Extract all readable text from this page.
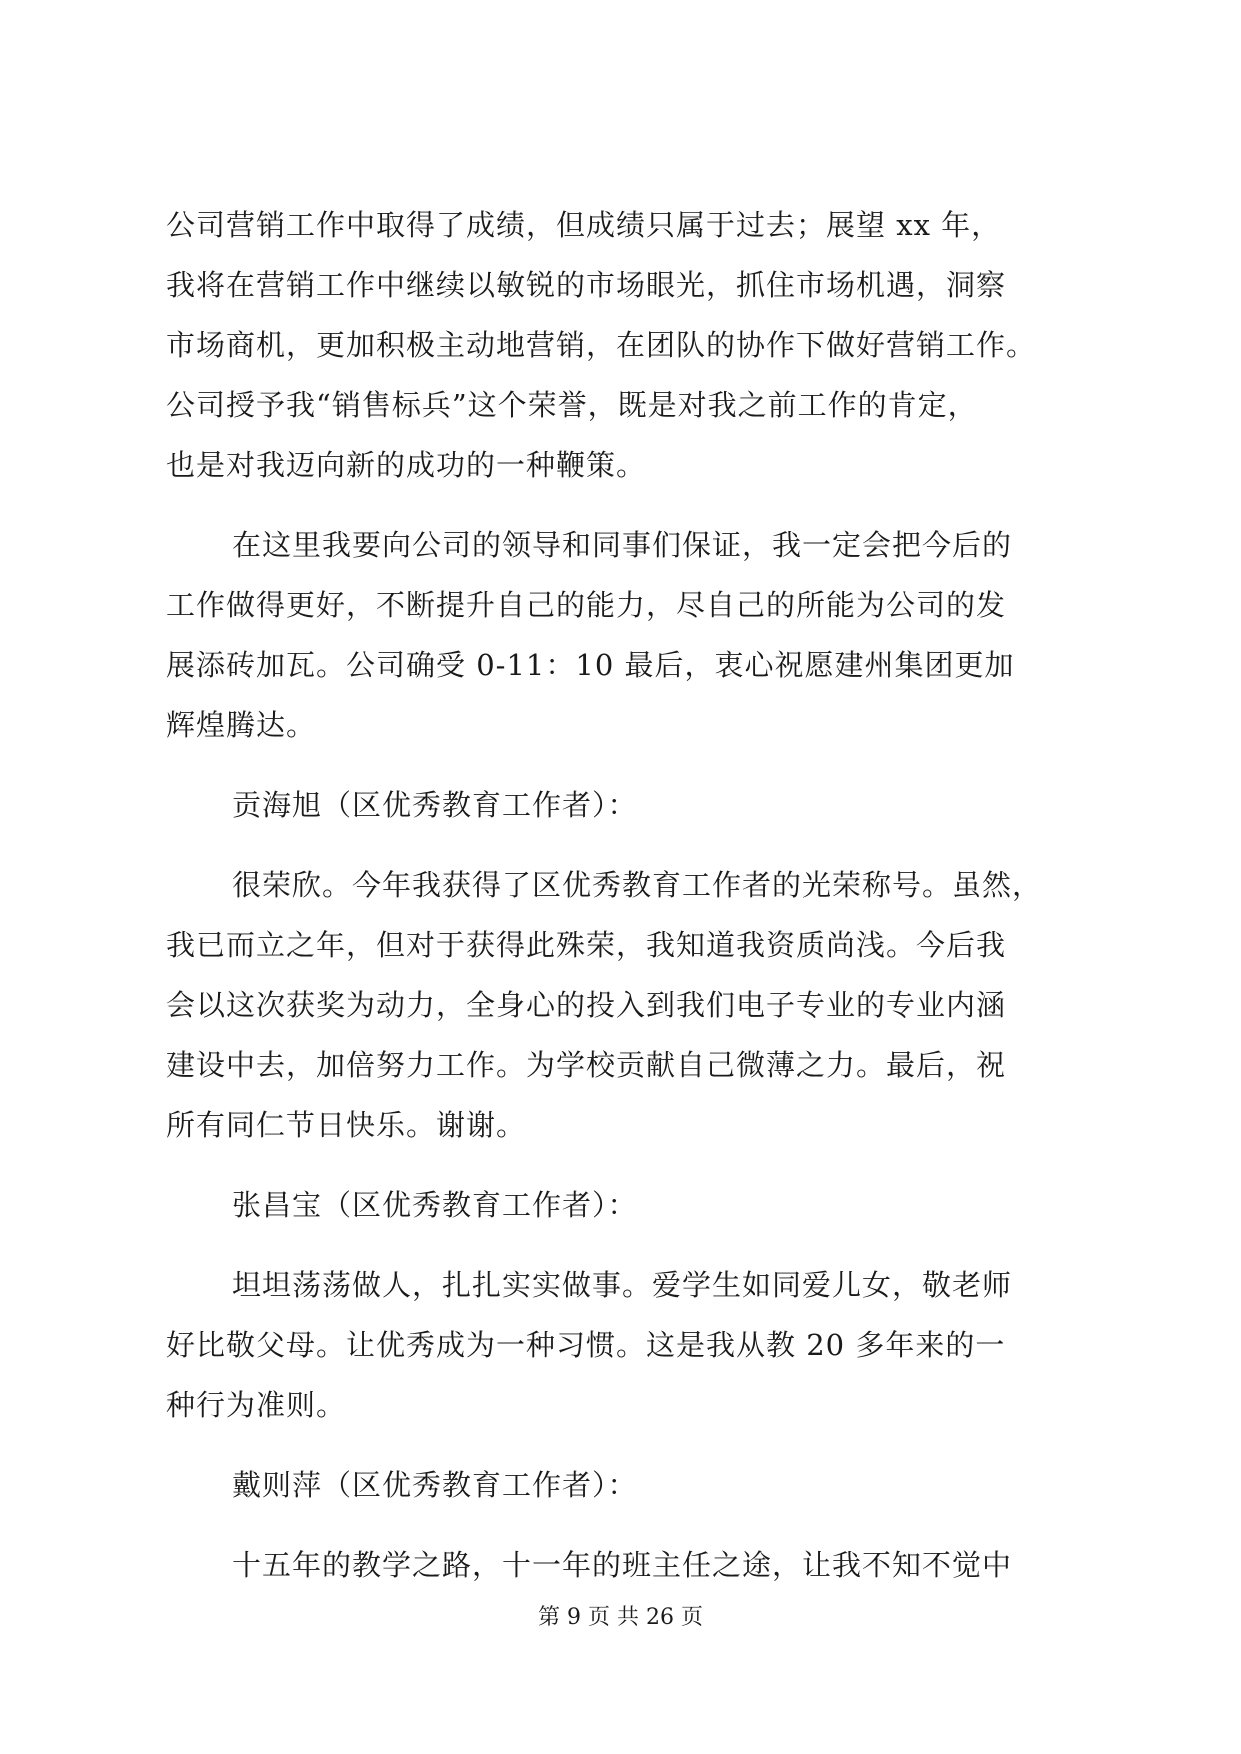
公司营销工作中取得了成绩，但成绩只属于过去；展望 xx 年，
我将在营销工作中继续以敏锐的市场眼光，抓住市场机遇，洞察
市场商机，更加积极主动地营销，在团队的协作下做好营销工作。
公司授予我“销售标兵”这个荣誉，既是对我之前工作的肯定，
也是对我迈向新的成功的一种鞭策。
在这里我要向公司的领导和同事们保证，我一定会把今后的
工作做得更好，不断提升自己的能力，尽自己的所能为公司的发
展添砖加瓦。公司确受 0-11：10 最后，衷心祝愿建州集团更加
辉煌腾达。
贡海旭（区优秀教育工作者）：
很荣欣。今年我获得了区优秀教育工作者的光荣称号。虽然，
我已而立之年，但对于获得此殊荣，我知道我资质尚浅。今后我
会以这次获奖为动力，全身心的投入到我们电子专业的专业内涵
建设中去，加倍努力工作。为学校贡献自己微薄之力。最后，祝
所有同仁节日快乐。谢谢。
张昌宝（区优秀教育工作者）：
坦坦荡荡做人，扎扎实实做事。爱学生如同爱儿女，敬老师
好比敬父母。让优秀成为一种习惯。这是我从教 20 多年来的一
种行为准则。
戴则萍（区优秀教育工作者）：
十五年的教学之路，十一年的班主任之途，让我不知不觉中
第 9 页 共 26 页
